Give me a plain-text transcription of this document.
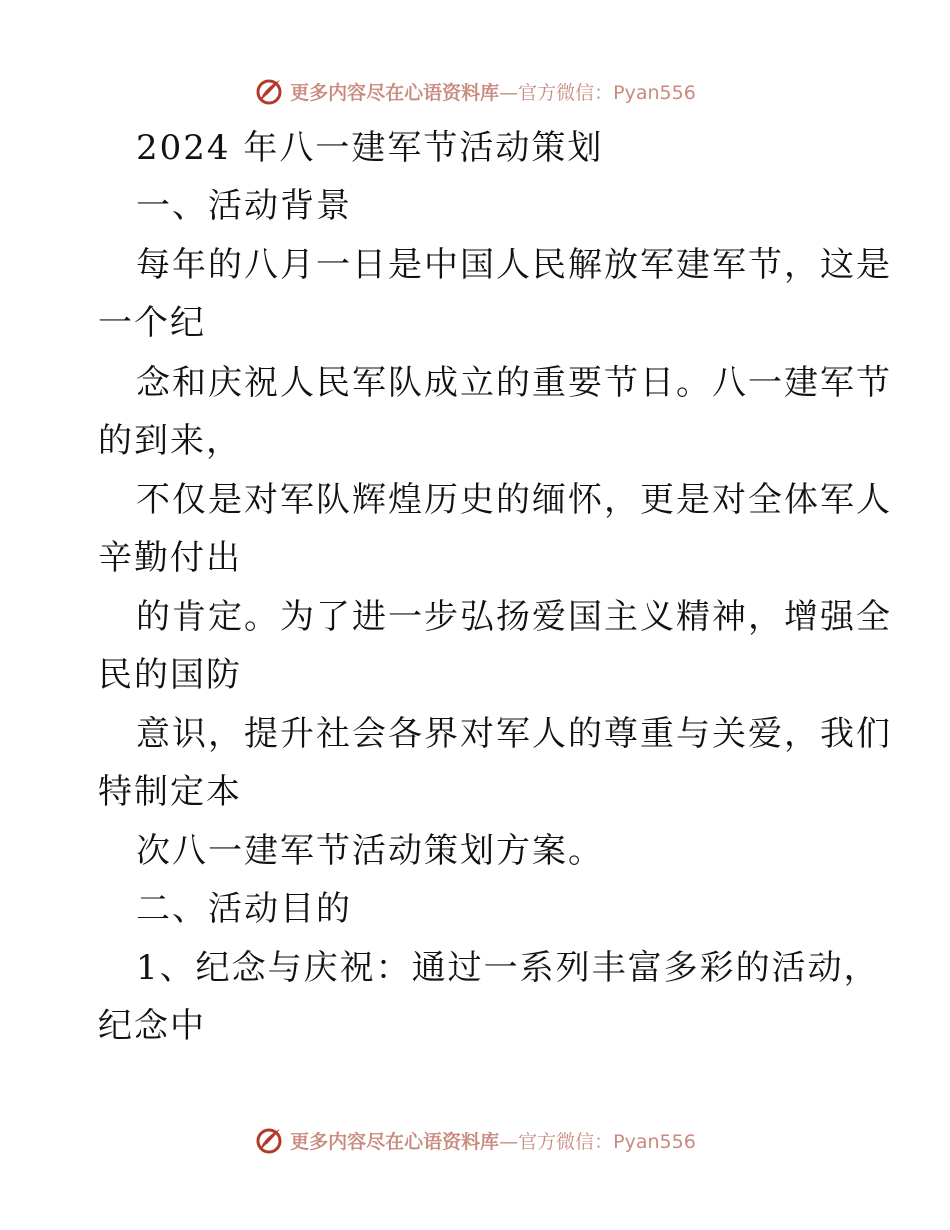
更多内容尽在心语资料库—官方微信：Pyan556
2024 年八一建军节活动策划
一、活动背景
每年的八月一日是中国人民解放军建军节，这是
一个纪
念和庆祝人民军队成立的重要节日。八一建军节
的到来，
不仅是对军队辉煌历史的缅怀，更是对全体军人
辛勤付出
的肯定。为了进一步弘扬爱国主义精神，增强全
民的国防
意识，提升社会各界对军人的尊重与关爱，我们
特制定本
次八一建军节活动策划方案。
二、活动目的
1、纪念与庆祝：通过一系列丰富多彩的活动，
纪念中
更多内容尽在心语资料库—官方微信：Pyan556
